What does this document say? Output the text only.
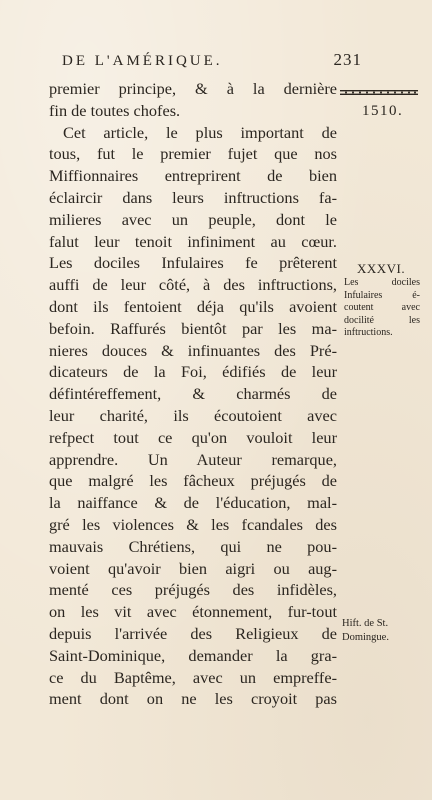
DE L'AMÉRIQUE.	231
1510.
premier principe, & à la dernière
fin de toutes chofes.
Cet article, le plus important de
tous, fut le premier fujet que nos
Miffionnaires entreprirent de bien
éclaircir dans leurs inftructions fa-
milieres avec un peuple, dont le
falut leur tenoit infiniment au cœur.
Les dociles Infulaires fe prêterent
auffi de leur côté, à des inftructions,
dont ils fentoient déja qu'ils avoient
befoin. Raffurés bientôt par les ma-
nieres douces & infinuantes des Pré-
dicateurs de la Foi, édifiés de leur
défintéreffement, & charmés de
leur charité, ils écoutoient avec
refpect tout ce qu'on vouloit leur
apprendre. Un Auteur remarque,
que malgré les fâcheux préjugés de
la naiffance & de l'éducation, mal-
gré les violences & les fcandales des
mauvais Chrétiens, qui ne pou-
voient qu'avoir bien aigri ou aug-
menté ces préjugés des infidèles,
on les vit avec étonnement, fur-tout
depuis l'arrivée des Religieux de
Saint-Dominique, demander la gra-
ce du Baptême, avec un empreffe-
ment dont on ne les croyoit pas
XXXVI.
Les dociles
Infulaires é-
coutent avec
docilité les
inftructions.
Hift. de St.
Domingue.
